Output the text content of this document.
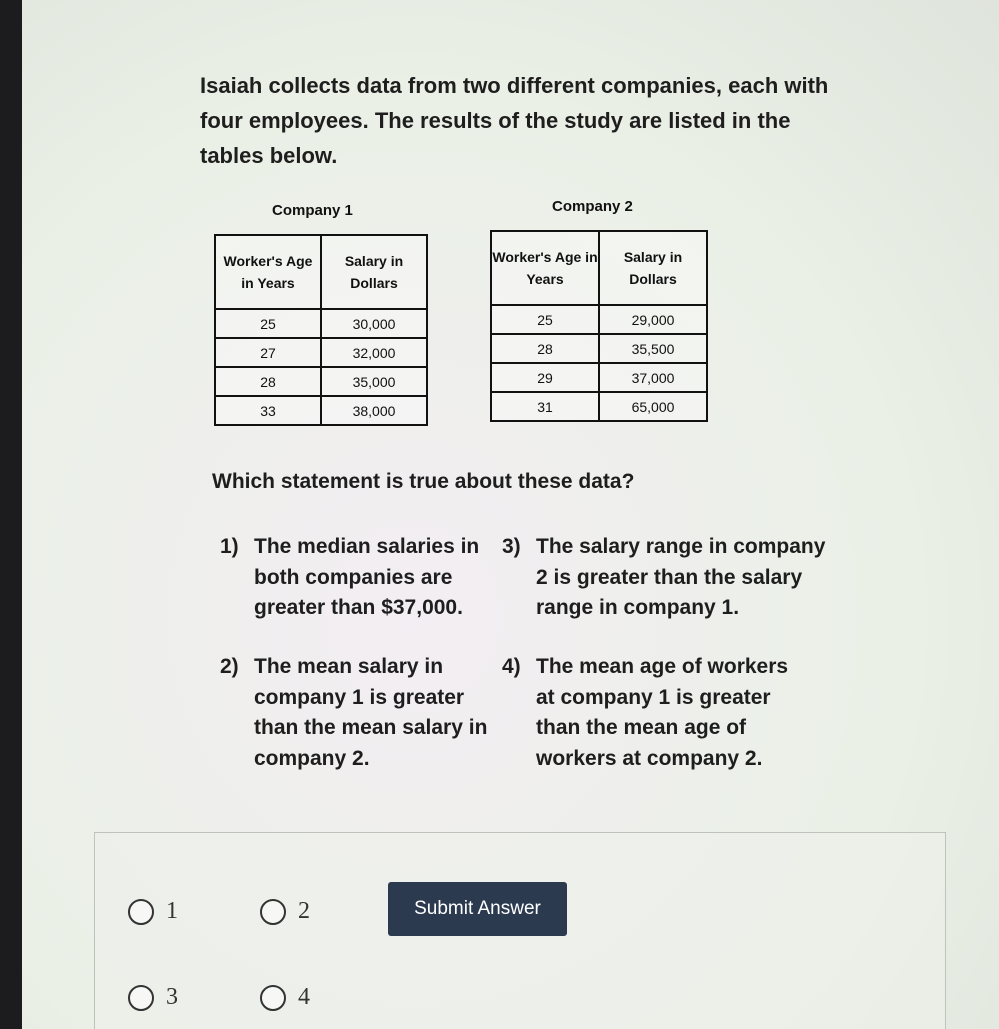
Isaiah collects data from two different companies, each with four employees. The results of the study are listed in the tables below.

Company 1
Worker's Age in Years	Salary in Dollars
25	30,000
27	32,000
28	35,000
33	38,000
Company 2
Worker's Age in Years	Salary in Dollars
25	29,000
28	35,500
29	37,000
31	65,000
Which statement is true about these data?
1) The median salaries in both companies are greater than $37,000.
2) The mean salary in company 1 is greater than the mean salary in company 2.
3) The salary range in company 2 is greater than the salary range in company 1.
4) The mean age of workers at company 1 is greater than the mean age of workers at company 2.
1	2
3	4
Submit Answer
